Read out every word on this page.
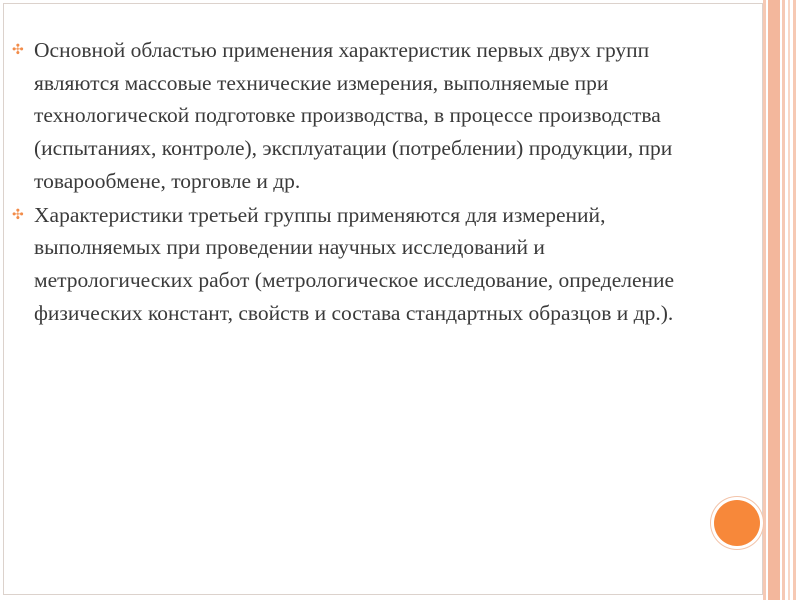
✣ Основной областью применения характеристик первых двух групп являются массовые технические измерения, выполняемые при технологической подготовке производства, в процессе производства (испытаниях, контроле), эксплуатации (потреблении) продукции, при товарообмене, торговле и др.
✣ Характеристики третьей группы применяются для измерений, выполняемых при проведении научных исследований и метрологических работ (метрологическое исследование, определение физических констант, свойств и состава стандартных образцов и др.).
